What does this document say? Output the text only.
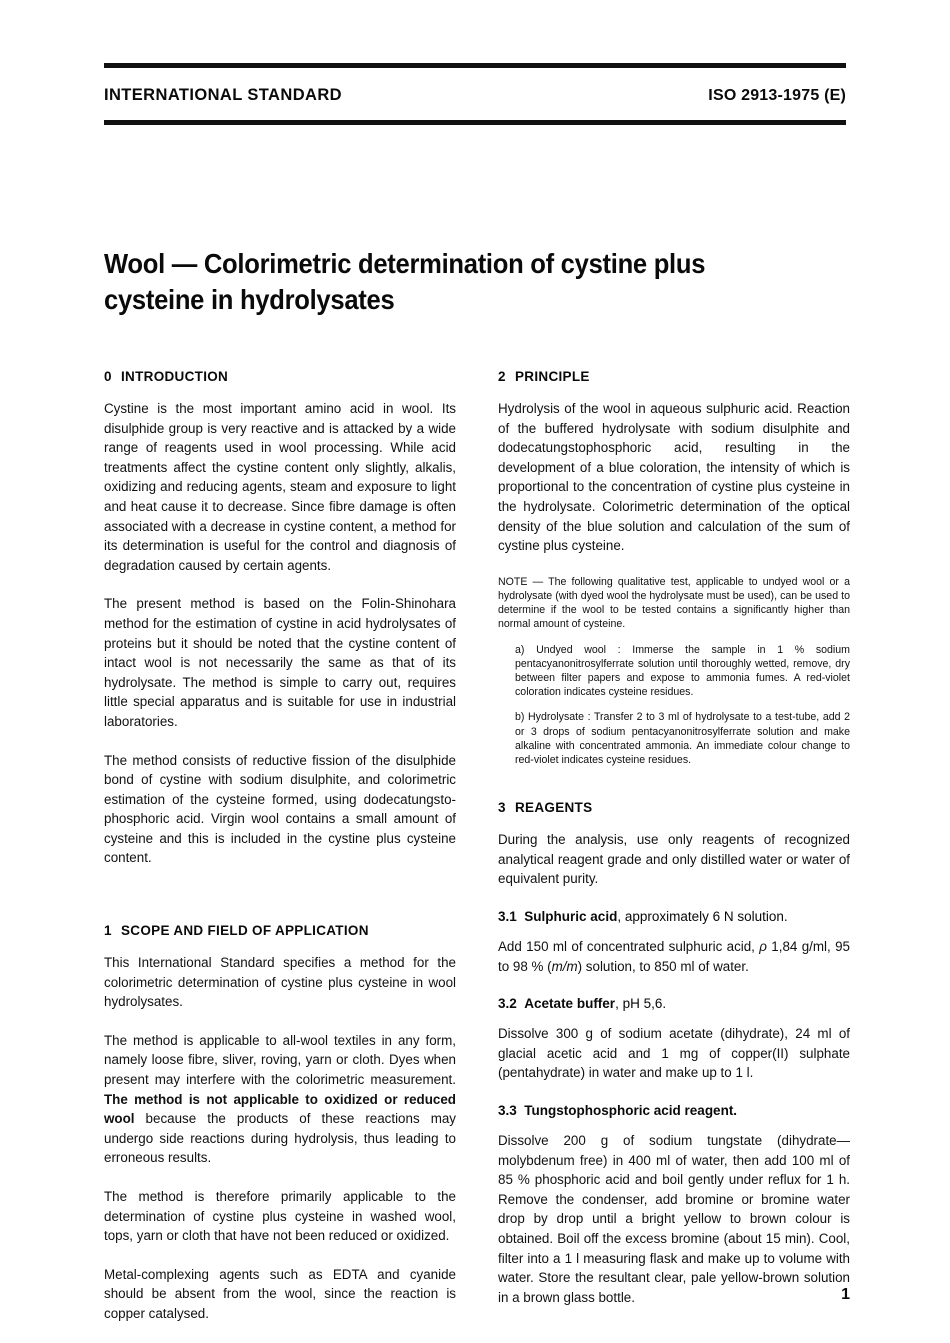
INTERNATIONAL STANDARD	ISO 2913-1975 (E)
Wool — Colorimetric determination of cystine plus cysteine in hydrolysates
0 INTRODUCTION

Cystine is the most important amino acid in wool. Its disulphide group is very reactive and is attacked by a wide range of reagents used in wool processing. While acid treatments affect the cystine content only slightly, alkalis, oxidizing and reducing agents, steam and exposure to light and heat cause it to decrease. Since fibre damage is often associated with a decrease in cystine content, a method for its determination is useful for the control and diagnosis of degradation caused by certain agents.

The present method is based on the Folin-Shinohara method for the estimation of cystine in acid hydrolysates of proteins but it should be noted that the cystine content of intact wool is not necessarily the same as that of its hydrolysate. The method is simple to carry out, requires little special apparatus and is suitable for use in industrial laboratories.

The method consists of reductive fission of the disulphide bond of cystine with sodium disulphite, and colorimetric estimation of the cysteine formed, using dodecatungsto-phosphoric acid. Virgin wool contains a small amount of cysteine and this is included in the cystine plus cysteine content.

1 SCOPE AND FIELD OF APPLICATION

This International Standard specifies a method for the colorimetric determination of cystine plus cysteine in wool hydrolysates.

The method is applicable to all-wool textiles in any form, namely loose fibre, sliver, roving, yarn or cloth. Dyes when present may interfere with the colorimetric measurement. The method is not applicable to oxidized or reduced wool because the products of these reactions may undergo side reactions during hydrolysis, thus leading to erroneous results.

The method is therefore primarily applicable to the determination of cystine plus cysteine in washed wool, tops, yarn or cloth that have not been reduced or oxidized.

Metal-complexing agents such as EDTA and cyanide should be absent from the wool, since the reaction is copper catalysed.

2 PRINCIPLE

Hydrolysis of the wool in aqueous sulphuric acid. Reaction of the buffered hydrolysate with sodium disulphite and dodecatungstophosphoric acid, resulting in the development of a blue coloration, the intensity of which is proportional to the concentration of cystine plus cysteine in the hydrolysate. Colorimetric determination of the optical density of the blue solution and calculation of the sum of cystine plus cysteine.

NOTE — The following qualitative test, applicable to undyed wool or a hydrolysate (with dyed wool the hydrolysate must be used), can be used to determine if the wool to be tested contains a significantly higher than normal amount of cysteine.

a) Undyed wool : Immerse the sample in 1 % sodium pentacyanonitrosylferrate solution until thoroughly wetted, remove, dry between filter papers and expose to ammonia fumes. A red-violet coloration indicates cysteine residues.

b) Hydrolysate : Transfer 2 to 3 ml of hydrolysate to a test-tube, add 2 or 3 drops of sodium pentacyanonitrosylferrate solution and make alkaline with concentrated ammonia. An immediate colour change to red-violet indicates cysteine residues.

3 REAGENTS

During the analysis, use only reagents of recognized analytical reagent grade and only distilled water or water of equivalent purity.

3.1 Sulphuric acid, approximately 6 N solution.

Add 150 ml of concentrated sulphuric acid, ρ 1,84 g/ml, 95 to 98 % (m/m) solution, to 850 ml of water.

3.2 Acetate buffer, pH 5,6.

Dissolve 300 g of sodium acetate (dihydrate), 24 ml of glacial acetic acid and 1 mg of copper(II) sulphate (pentahydrate) in water and make up to 1 l.

3.3 Tungstophosphoric acid reagent.

Dissolve 200 g of sodium tungstate (dihydrate—molybdenum free) in 400 ml of water, then add 100 ml of 85 % phosphoric acid and boil gently under reflux for 1 h. Remove the condenser, add bromine or bromine water drop by drop until a bright yellow to brown colour is obtained. Boil off the excess bromine (about 15 min). Cool, filter into a 1 l measuring flask and make up to volume with water. Store the resultant clear, pale yellow-brown solution in a brown glass bottle.	1
